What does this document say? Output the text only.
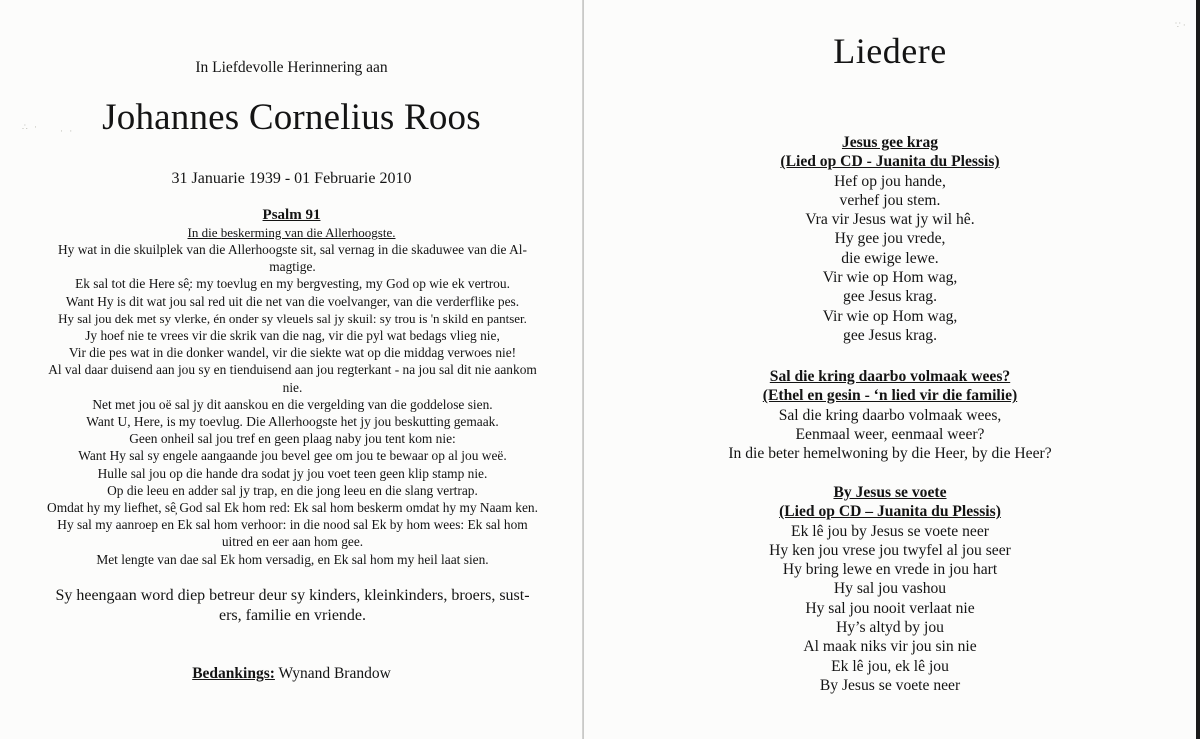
∴ · · ·
∵·
In Liefdevolle Herinnering aan
Johannes Cornelius Roos
31 Januarie 1939 - 01 Februarie 2010
Psalm 91
In die beskerming van die Allerhoogste.
Hy wat in die skuilplek van die Allerhoogste sit, sal vernag in die skaduwee van die Al-
magtige.
Ek sal tot die Here sê̦: my toevlug en my bergvesting, my God op wie ek vertrou.
Want Hy is dit wat jou sal red uit die net van die voelvanger, van die verderflike pes.
Hy sal jou dek met sy vlerke, én onder sy vleuels sal jy skuil: sy trou is 'n skild en pantser.
Jy hoef nie te vrees vir die skrik van die nag, vir die pyl wat bedags vlieg nie,
Vir die pes wat in die donker wandel, vir die siekte wat op die middag verwoes nie!
Al val daar duisend aan jou sy en tienduisend aan jou regterkant - na jou sal dit nie aankom
nie.
Net met jou oë sal jy dit aanskou en die vergelding van die goddelose sien.
Want U, Here, is my toevlug. Die Allerhoogste het jy jou beskutting gemaak.
Geen onheil sal jou tref en geen plaag naby jou tent kom nie:
Want Hy sal sy engele aangaande jou bevel gee om jou te bewaar op al jou weë.
Hulle sal jou op die hande dra sodat jy jou voet teen geen klip stamp nie.
Op die leeu en adder sal jy trap, en die jong leeu en die slang vertrap.
Omdat hy my liefhet, sê̦ God sal Ek hom red: Ek sal hom beskerm omdat hy my Naam ken.
Hy sal my aanroep en Ek sal hom verhoor: in die nood sal Ek by hom wees: Ek sal hom
uitred en eer aan hom gee.
Met lengte van dae sal Ek hom versadig, en Ek sal hom my heil laat sien.
Sy heengaan word diep betreur deur sy kinders, kleinkinders, broers, sust-
ers, familie en vriende.
Bedankings: Wynand Brandow
Liedere
Jesus gee krag
(Lied op CD - Juanita du Plessis)
Hef op jou hande,
verhef jou stem.
Vra vir Jesus wat jy wil hê.
Hy gee jou vrede,
die ewige lewe.
Vir wie op Hom wag,
gee Jesus krag.
Vir wie op Hom wag,
gee Jesus krag.
Sal die kring daarbo volmaak wees?
(Ethel en gesin - ‘n lied vir die familie)
Sal die kring daarbo volmaak wees,
Eenmaal weer, eenmaal weer?
In die beter hemelwoning by die Heer, by die Heer?
By Jesus se voete
(Lied op CD – Juanita du Plessis)
Ek lê jou by Jesus se voete neer
Hy ken jou vrese jou twyfel al jou seer
Hy bring lewe en vrede in jou hart
Hy sal jou vashou
Hy sal jou nooit verlaat nie
Hy’s altyd by jou
Al maak niks vir jou sin nie
Ek lê jou, ek lê jou
By Jesus se voete neer
